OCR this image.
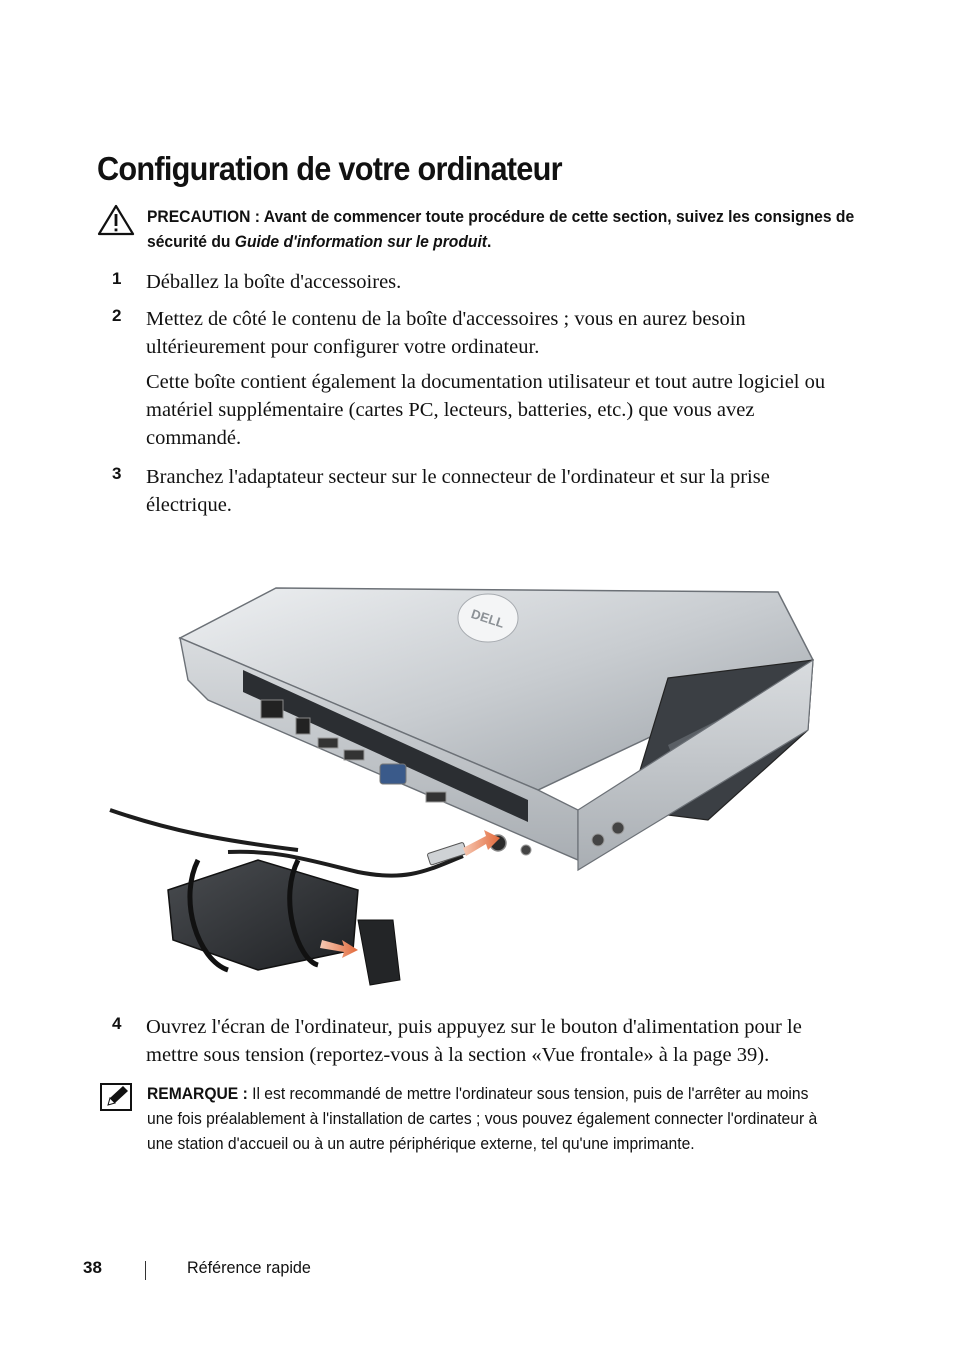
Configuration de votre ordinateur
PRECAUTION : Avant de commencer toute procédure de cette section, suivez les consignes de sécurité du Guide d'information sur le produit.
1 Déballez la boîte d'accessoires.
2 Mettez de côté le contenu de la boîte d'accessoires ; vous en aurez besoin ultérieurement pour configurer votre ordinateur.
Cette boîte contient également la documentation utilisateur et tout autre logiciel ou matériel supplémentaire (cartes PC, lecteurs, batteries, etc.) que vous avez commandé.
3 Branchez l'adaptateur secteur sur le connecteur de l'ordinateur et sur la prise électrique.
DELL
4 Ouvrez l'écran de l'ordinateur, puis appuyez sur le bouton d'alimentation pour le mettre sous tension (reportez-vous à la section «Vue frontale» à la page 39).
REMARQUE : Il est recommandé de mettre l'ordinateur sous tension, puis de l'arrêter au moins une fois préalablement à l'installation de cartes ; vous pouvez également connecter l'ordinateur à une station d'accueil ou à un autre périphérique externe, tel qu'une imprimante.
38	Référence rapide
